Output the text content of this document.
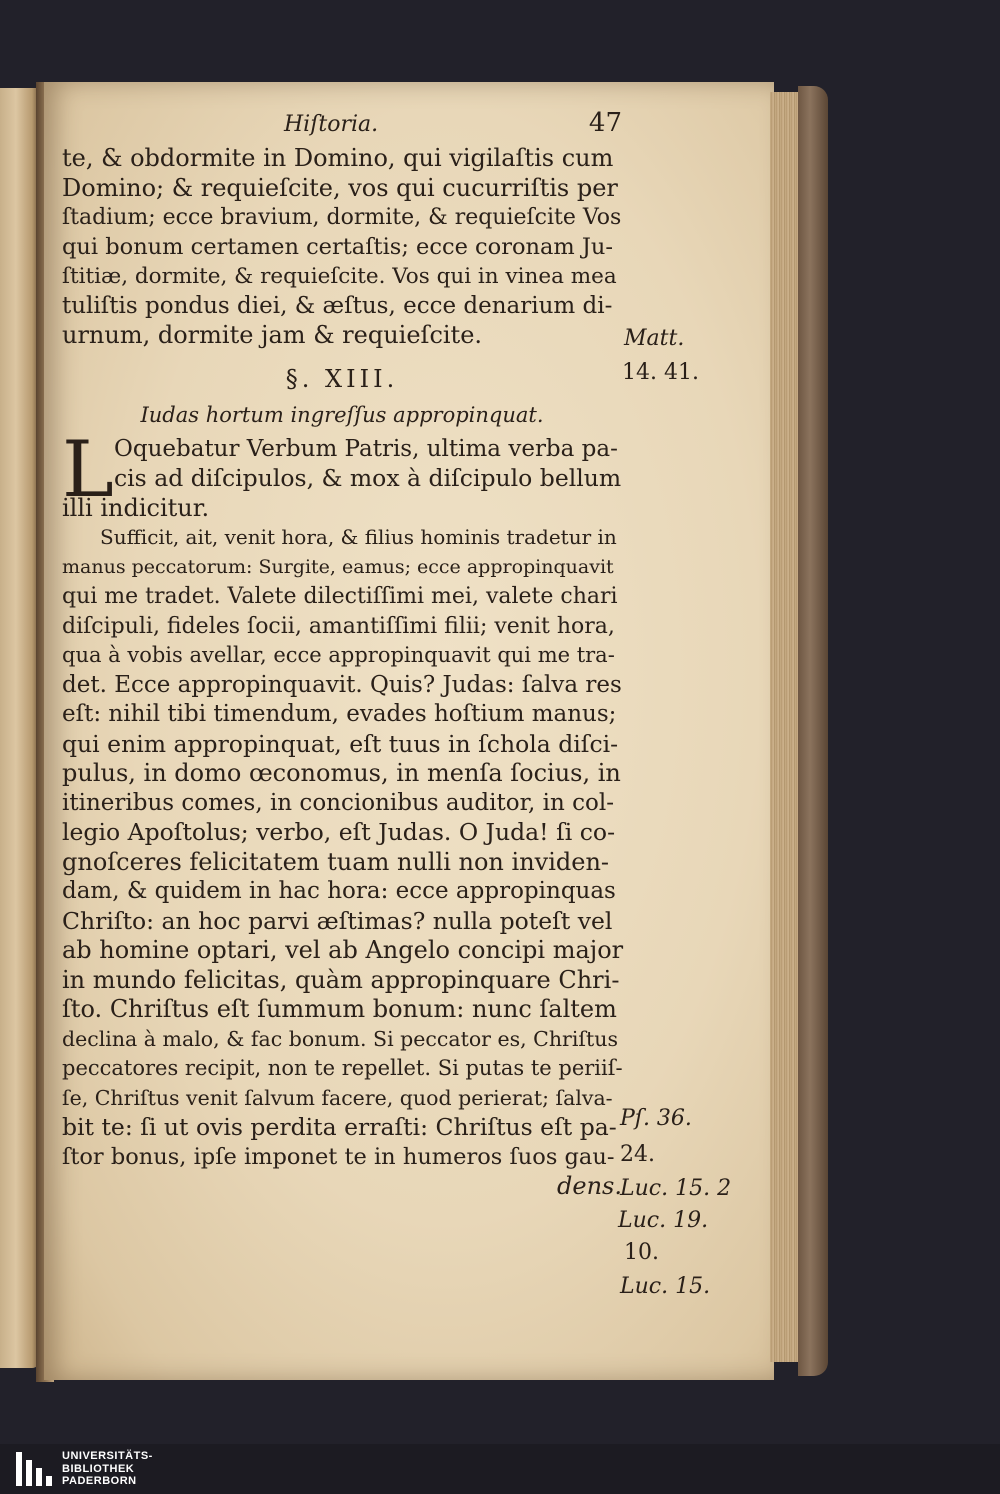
Hiſtoria.	47
te, & obdormite in Domino, qui vigilaſtis cum
Domino; & requieſcite, vos qui cucurriſtis per
ſtadium; ecce bravium, dormite, & requieſcite Vos
qui bonum certamen certaſtis; ecce coronam Ju-
ſtitiæ, dormite, & requieſcite. Vos qui in vinea mea
tuliſtis pondus diei, & æſtus, ecce denarium di-
urnum, dormite jam & requieſcite.
§. XIII.
Iudas hortum ingreſſus appropinquat.
L Oquebatur Verbum Patris, ultima verba pa-
cis ad diſcipulos, & mox à diſcipulo bellum
illi indicitur.
Sufficit, ait, venit hora, & filius hominis tradetur in
manus peccatorum: Surgite, eamus; ecce appropinquavit
qui me tradet. Valete dilectiſſimi mei, valete chari
diſcipuli, fideles ſocii, amantiſſimi filii; venit hora,
qua à vobis avellar, ecce appropinquavit qui me tra-
det. Ecce appropinquavit. Quis? Judas: ſalva res
eſt: nihil tibi timendum, evades hoſtium manus;
qui enim appropinquat, eſt tuus in ſchola diſci-
pulus, in domo œconomus, in menſa ſocius, in
itineribus comes, in concionibus auditor, in col-
legio Apoſtolus; verbo, eſt Judas. O Juda! ſi co-
gnoſceres felicitatem tuam nulli non inviden-
dam, & quidem in hac hora: ecce appropinquas
Chriſto: an hoc parvi æſtimas? nulla poteſt vel
ab homine optari, vel ab Angelo concipi major
in mundo felicitas, quàm appropinquare Chri-
ſto. Chriſtus eſt ſummum bonum: nunc ſaltem
declina à malo, & fac bonum. Si peccator es, Chriſtus
peccatores recipit, non te repellet. Si putas te periiſ-
ſe, Chriſtus venit ſalvum facere, quod perierat; ſalva-
bit te: ſi ut ovis perdita erraſti: Chriſtus eſt pa-
ſtor bonus, ipſe imponet te in humeros ſuos gau-
dens.
Matt.
14. 41.
Pſ. 36.
24.
Luc. 15. 2
Luc. 19.
10.
Luc. 15.
UNIVERSITÄTS-
BIBLIOTHEK
PADERBORN
